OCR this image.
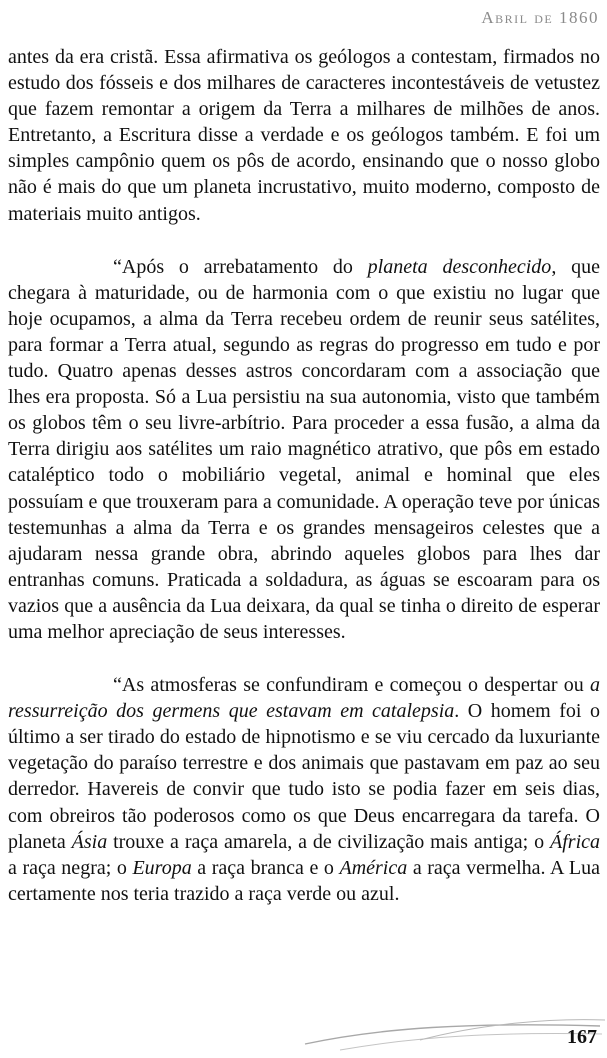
Abril de 1860

antes da era cristã. Essa afirmativa os geólogos a contestam, firmados no estudo dos fósseis e dos milhares de caracteres incontestáveis de vetustez que fazem remontar a origem da Terra a milhares de milhões de anos. Entretanto, a Escritura disse a verdade e os geólogos também. E foi um simples campônio quem os pôs de acordo, ensinando que o nosso globo não é mais do que um planeta incrustativo, muito moderno, composto de materiais muito antigos.

“Após o arrebatamento do planeta desconhecido, que chegara à maturidade, ou de harmonia com o que existiu no lugar que hoje ocupamos, a alma da Terra recebeu ordem de reunir seus satélites, para formar a Terra atual, segundo as regras do progresso em tudo e por tudo. Quatro apenas desses astros concordaram com a associação que lhes era proposta. Só a Lua persistiu na sua autonomia, visto que também os globos têm o seu livre-arbítrio. Para proceder a essa fusão, a alma da Terra dirigiu aos satélites um raio magnético atrativo, que pôs em estado cataléptico todo o mobiliário vegetal, animal e hominal que eles possuíam e que trouxeram para a comunidade. A operação teve por únicas testemunhas a alma da Terra e os grandes mensageiros celestes que a ajudaram nessa grande obra, abrindo aqueles globos para lhes dar entranhas comuns. Praticada a soldadura, as águas se escoaram para os vazios que a ausência da Lua deixara, da qual se tinha o direito de esperar uma melhor apreciação de seus interesses.

“As atmosferas se confundiram e começou o despertar ou a ressurreição dos germens que estavam em catalepsia. O homem foi o último a ser tirado do estado de hipnotismo e se viu cercado da luxuriante vegetação do paraíso terrestre e dos animais que pastavam em paz ao seu derredor. Havereis de convir que tudo isto se podia fazer em seis dias, com obreiros tão poderosos como os que Deus encarregara da tarefa. O planeta Ásia trouxe a raça amarela, a de civilização mais antiga; o África a raça negra; o Europa a raça branca e o América a raça vermelha. A Lua certamente nos teria trazido a raça verde ou azul.

167
